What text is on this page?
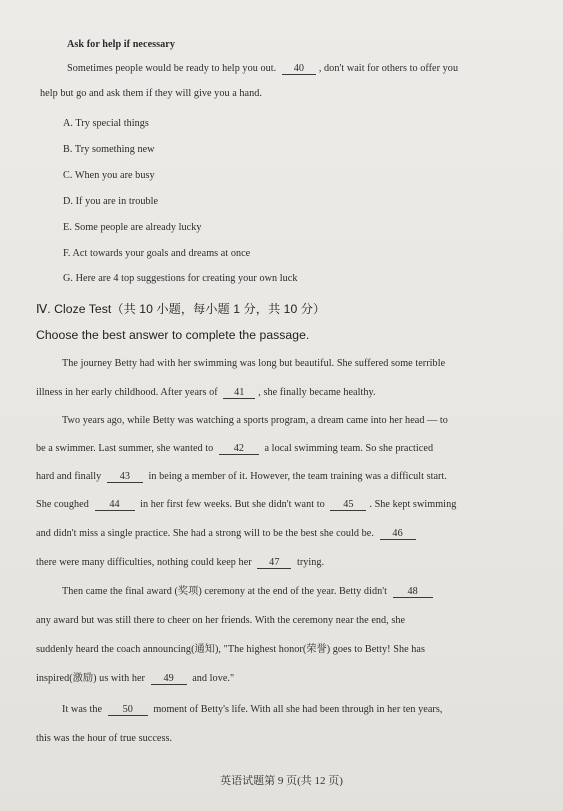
Ask for help if necessary
Sometimes people would be ready to help you out. 40 , don't wait for others to offer you
help but go and ask them if they will give you a hand.
A. Try special things
B. Try something new
C. When you are busy
D. If you are in trouble
E. Some people are already lucky
F. Act towards your goals and dreams at once
G. Here are 4 top suggestions for creating your own luck
Ⅳ. Cloze Test（共 10 小题，每小题 1 分，共 10 分）
Choose the best answer to complete the passage.
The journey Betty had with her swimming was long but beautiful. She suffered some terrible
illness in her early childhood. After years of 41 , she finally became healthy.
Two years ago, while Betty was watching a sports program, a dream came into her head — to
be a swimmer. Last summer, she wanted to 42 a local swimming team. So she practiced
hard and finally 43 in being a member of it. However, the team training was a difficult start.
She coughed 44 in her first few weeks. But she didn't want to 45 . She kept swimming
and didn't miss a single practice. She had a strong will to be the best she could be. 46
there were many difficulties, nothing could keep her 47 trying.
Then came the final award (奖项) ceremony at the end of the year. Betty didn't 48
any award but was still there to cheer on her friends. With the ceremony near the end, she
suddenly heard the coach announcing(通知), "The highest honor(荣誉) goes to Betty! She has
inspired(激励) us with her 49 and love."
It was the 50 moment of Betty's life. With all she had been through in her ten years,
this was the hour of true success.
英语试题第 9 页(共 12 页)
